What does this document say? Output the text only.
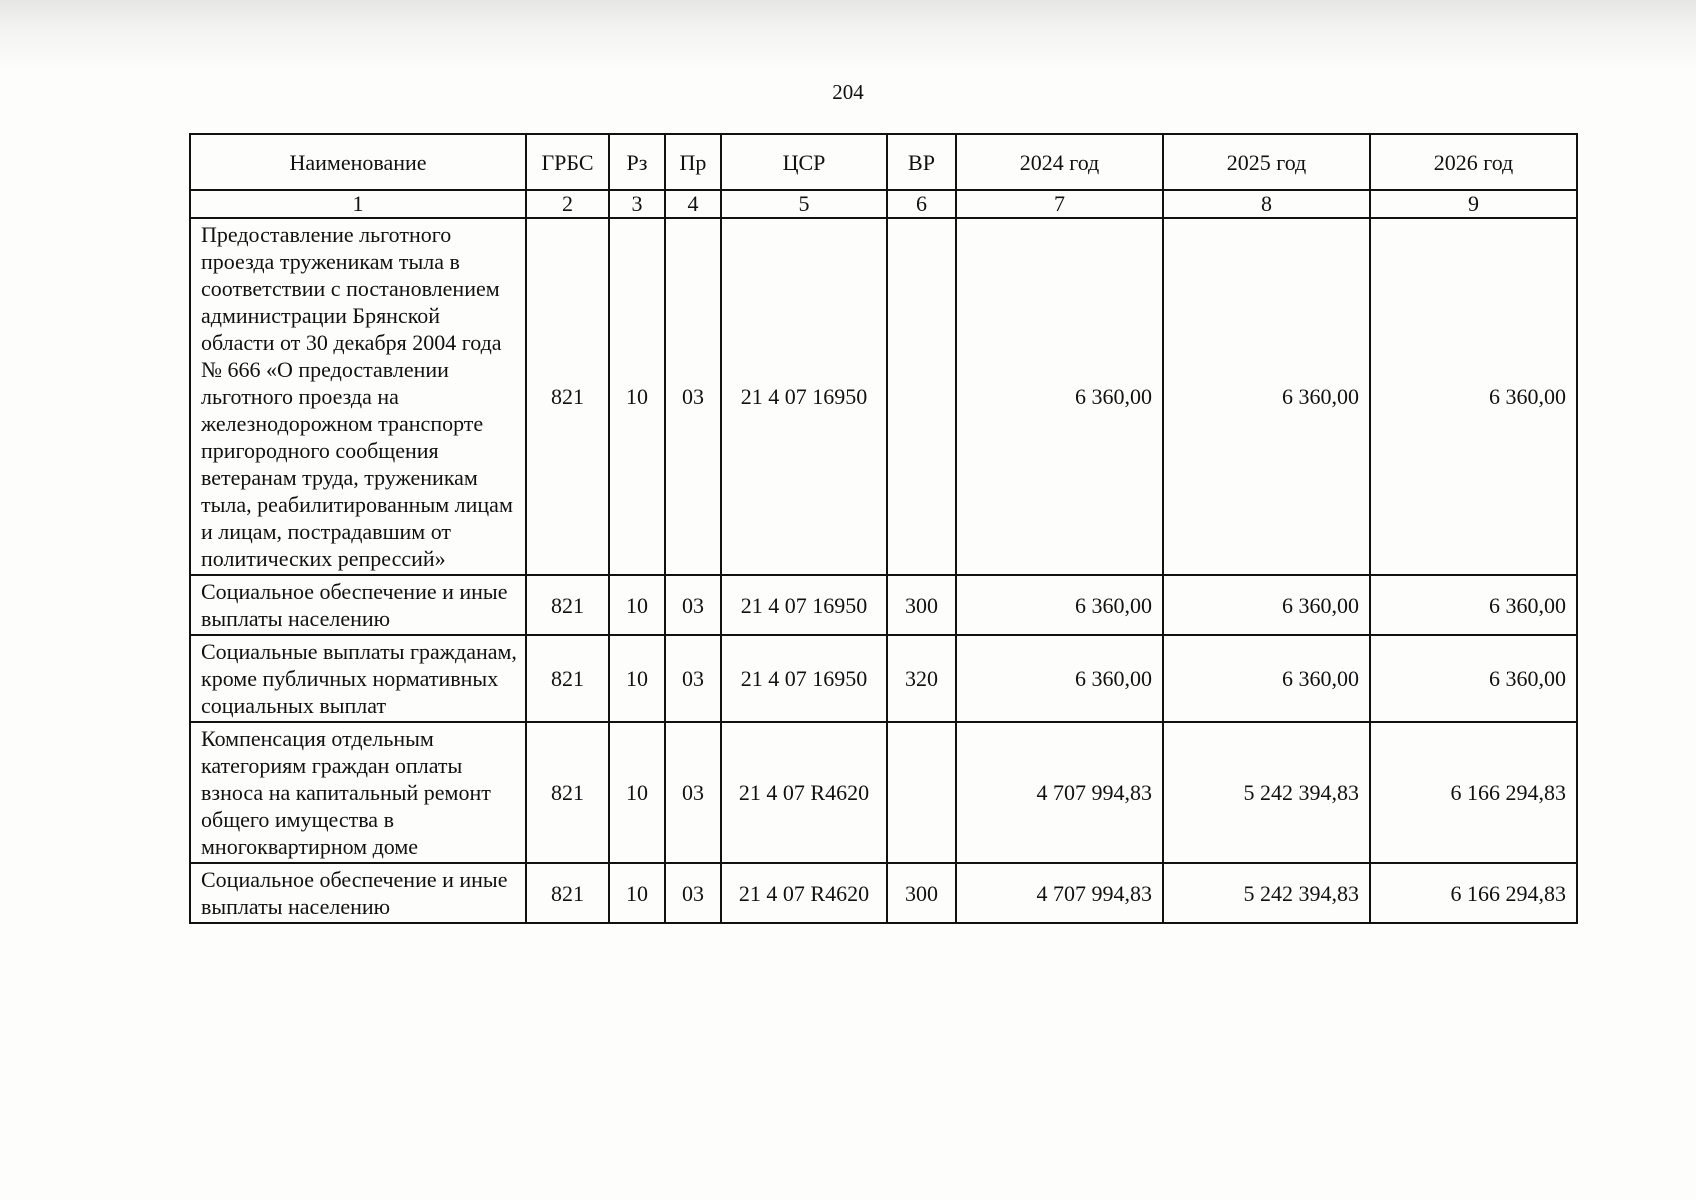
204
Наименование	ГРБС	Рз	Пр	ЦСР	ВР	2024 год	2025 год	2026 год
1	2	3	4	5	6	7	8	9
Предоставление льготного проезда труженикам тыла в соответствии с постановлением администрации Брянской области от 30 декабря 2004 года № 666 «О предоставлении льготного проезда на железнодорожном транспорте пригородного сообщения ветеранам труда, труженикам тыла, реабилитированным лицам и лицам, пострадавшим от политических репрессий»	821	10	03	21 4 07 16950		6 360,00	6 360,00	6 360,00
Социальное обеспечение и иные выплаты населению	821	10	03	21 4 07 16950	300	6 360,00	6 360,00	6 360,00
Социальные выплаты гражданам, кроме публичных нормативных социальных выплат	821	10	03	21 4 07 16950	320	6 360,00	6 360,00	6 360,00
Компенсация отдельным категориям граждан оплаты взноса на капитальный ремонт общего имущества в многоквартирном доме	821	10	03	21 4 07 R4620		4 707 994,83	5 242 394,83	6 166 294,83
Социальное обеспечение и иные выплаты населению	821	10	03	21 4 07 R4620	300	4 707 994,83	5 242 394,83	6 166 294,83
